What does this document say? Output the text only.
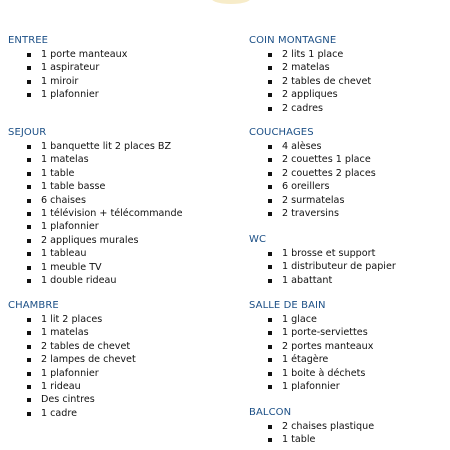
ENTREE
1 porte manteaux
1 aspirateur
1 miroir
1 plafonnier
SEJOUR
1 banquette lit 2 places BZ
1 matelas
1 table
1 table basse
6 chaises
1 télévision + télécommande
1 plafonnier
2 appliques murales
1 tableau
1 meuble TV
1 double rideau
CHAMBRE
1 lit 2 places
1 matelas
2 tables de chevet
2 lampes de chevet
1 plafonnier
1 rideau
Des cintres
1 cadre
COIN MONTAGNE
2 lits 1 place
2 matelas
2 tables de chevet
2 appliques
2 cadres
COUCHAGES
4 alèses
2 couettes 1 place
2 couettes 2 places
6 oreillers
2 surmatelas
2 traversins
WC
1 brosse et support
1 distributeur de papier
1 abattant
SALLE DE BAIN
1 glace
1 porte-serviettes
2 portes manteaux
1 étagère
1 boite à déchets
1 plafonnier
BALCON
2 chaises plastique
1 table
